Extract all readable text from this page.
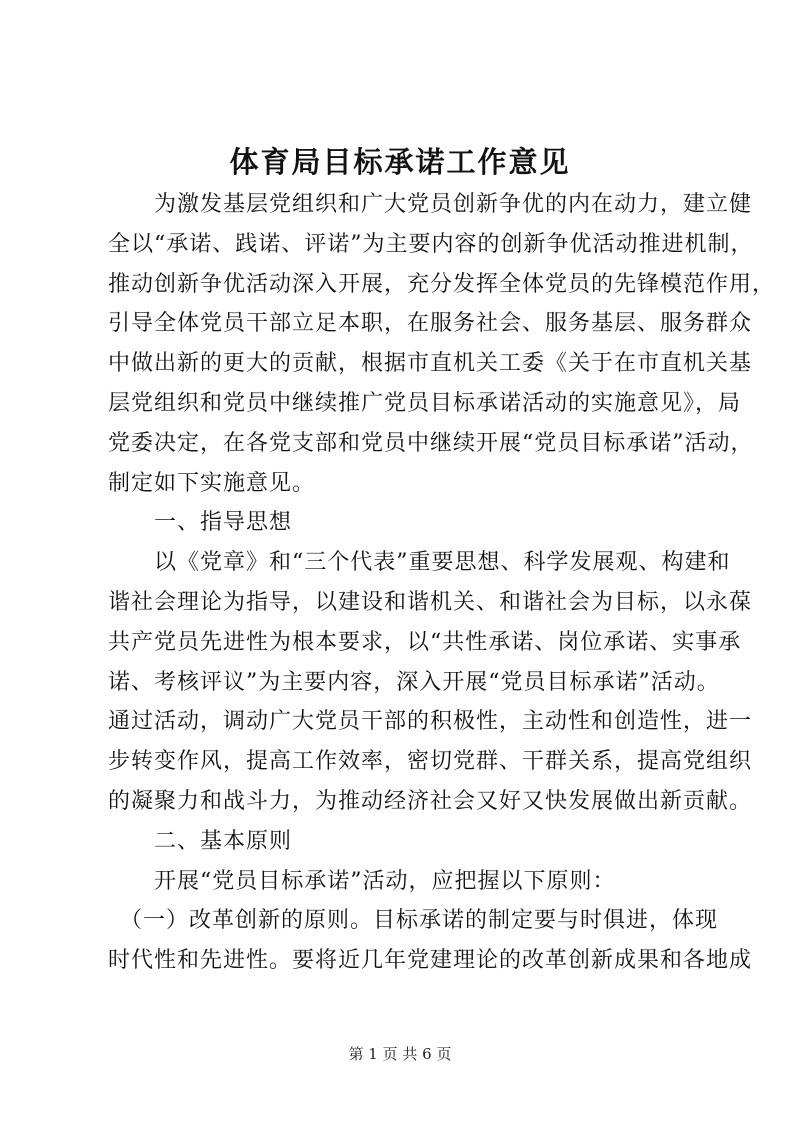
体育局目标承诺工作意见
　　为激发基层党组织和广大党员创新争优的内在动力，建立健
全以“承诺、践诺、评诺”为主要内容的创新争优活动推进机制，
推动创新争优活动深入开展，充分发挥全体党员的先锋模范作用，
引导全体党员干部立足本职，在服务社会、服务基层、服务群众
中做出新的更大的贡献，根据市直机关工委《关于在市直机关基
层党组织和党员中继续推广党员目标承诺活动的实施意见》，局
党委决定，在各党支部和党员中继续开展“党员目标承诺”活动，
制定如下实施意见。
　　一、指导思想
　　以《党章》和“三个代表”重要思想、科学发展观、构建和
谐社会理论为指导，以建设和谐机关、和谐社会为目标，以永葆
共产党员先进性为根本要求，以“共性承诺、岗位承诺、实事承
诺、考核评议”为主要内容，深入开展“党员目标承诺”活动。
通过活动，调动广大党员干部的积极性，主动性和创造性，进一
步转变作风，提高工作效率，密切党群、干群关系，提高党组织
的凝聚力和战斗力，为推动经济社会又好又快发展做出新贡献。
　　二、基本原则
　　开展“党员目标承诺”活动，应把握以下原则：
　（一）改革创新的原则。目标承诺的制定要与时俱进，体现
时代性和先进性。要将近几年党建理论的改革创新成果和各地成
第 1 页 共 6 页
